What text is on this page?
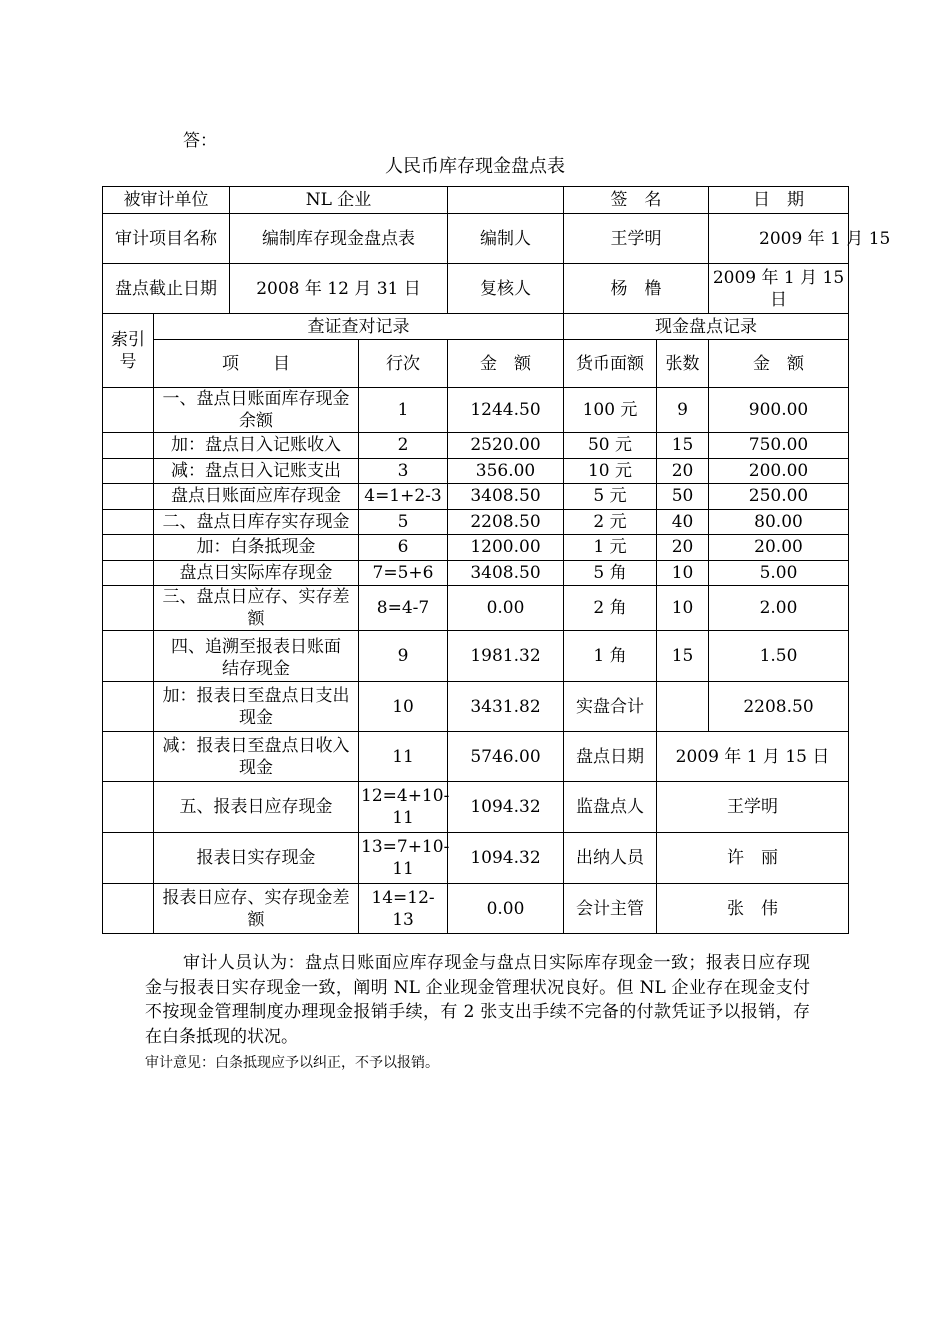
答：
人民币库存现金盘点表
被审计单位		NL 企业			签　名		日　期
审计项目名称		编制库存现金盘点表		编制人	王学明		2009 年 1 月 15
盘点截止日期		2008 年 12 月 31 日		复核人	杨　橹		2009 年 1 月 15 日
索引号	查证查对记录				现金盘点记录		
	项　　目		行次	金　额	货币面额	张数	金　额
	一、盘点日账面库存现金余额		1	1244.50	100 元	9	900.00
	加：盘点日入记账收入		2	2520.00	50 元	15	750.00
	减：盘点日入记账支出		3	356.00	10 元	20	200.00
	盘点日账面应库存现金		4=1+2-3	3408.50	5 元	50	250.00
	二、盘点日库存实存现金		5	2208.50	2 元	40	80.00
	加：白条抵现金		6	1200.00	1 元	20	20.00
	盘点日实际库存现金		7=5+6	3408.50	5 角	10	5.00
	三、盘点日应存、实存差额		8=4-7	0.00	2 角	10	2.00
	四、追溯至报表日账面结存现金		9	1981.32	1 角	15	1.50
	加：报表日至盘点日支出现金		10	3431.82	实盘合计		2208.50
	减：报表日至盘点日收入现金		11	5746.00	盘点日期	2009 年 1 月 15 日	
	五、报表日应存现金		12=4+10-11	1094.32	监盘点人	王学明	
	报表日实存现金		13=7+10-11	1094.32	出纳人员	许　丽	
	报表日应存、实存现金差额		14=12-13	0.00	会计主管	张　伟	
审计人员认为：盘点日账面应库存现金与盘点日实际库存现金一致；报表日应存现金与报表日实存现金一致，阐明 NL 企业现金管理状况良好。但 NL 企业存在现金支付不按现金管理制度办理现金报销手续，有 2 张支出手续不完备的付款凭证予以报销，存在白条抵现的状况。
审计意见：白条抵现应予以纠正，不予以报销。
